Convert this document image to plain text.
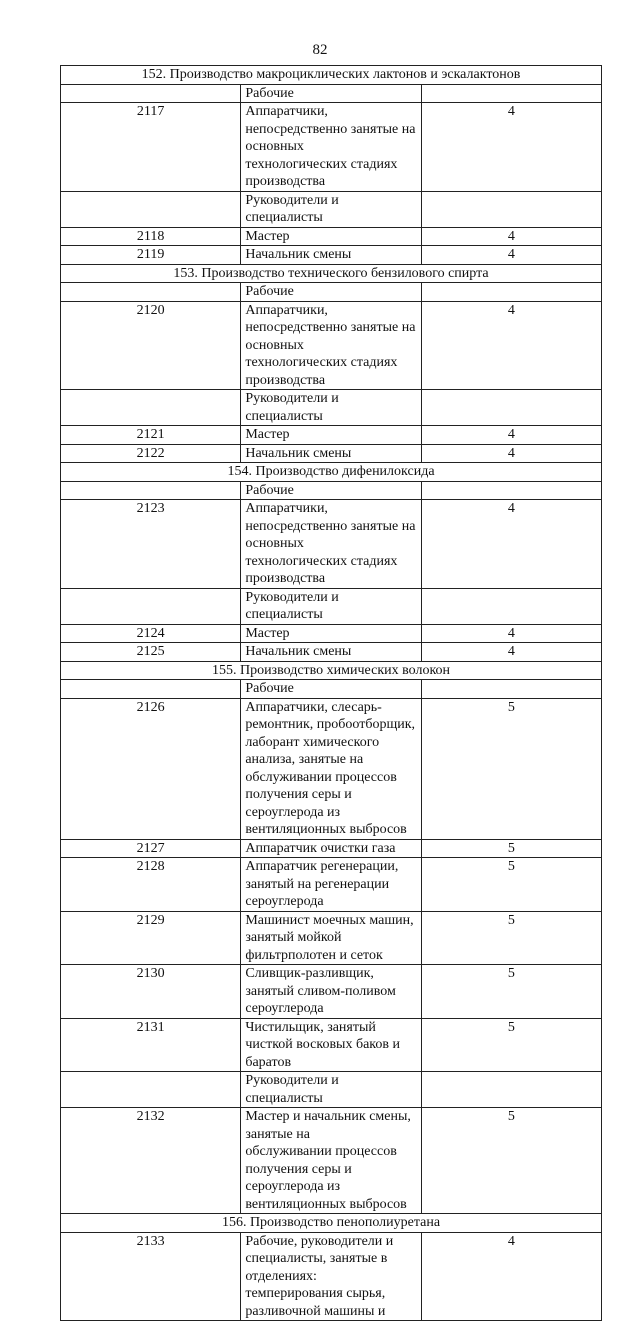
82
152. Производство макроциклических лактонов и эскалактонов		
	Рабочие	
2117	Аппаратчики, непосредственно занятые на основных
технологических стадиях производства	4
	Руководители и специалисты	
2118	Мастер	4
2119	Начальник смены	4
153. Производство технического бензилового спирта		
	Рабочие	
2120	Аппаратчики, непосредственно занятые на основных
технологических стадиях производства	4
	Руководители и специалисты	
2121	Мастер	4
2122	Начальник смены	4
154. Производство дифенилоксида		
	Рабочие	
2123	Аппаратчики, непосредственно занятые на основных
технологических стадиях производства	4
	Руководители и специалисты	
2124	Мастер	4
2125	Начальник смены	4
155. Производство химических волокон		
	Рабочие	
2126	Аппаратчики, слесарь-ремонтник, пробоотборщик,
лаборант химического анализа, занятые на
обслуживании процессов получения серы и
сероуглерода из вентиляционных выбросов	5
2127	Аппаратчик очистки газа	5
2128	Аппаратчик регенерации, занятый на регенерации
сероуглерода	5
2129	Машинист моечных машин, занятый мойкой
фильтрполотен и сеток	5
2130	Сливщик-разливщик, занятый сливом-поливом
сероуглерода	5
2131	Чистильщик, занятый чисткой восковых баков и
баратов	5
	Руководители и специалисты	
2132	Мастер и начальник смены, занятые на
обслуживании процессов получения серы и
сероуглерода из вентиляционных выбросов	5
156. Производство пенополиуретана		
2133	Рабочие, руководители и специалисты, занятые в
отделениях:
темперирования сырья, разливочной машины и	4
